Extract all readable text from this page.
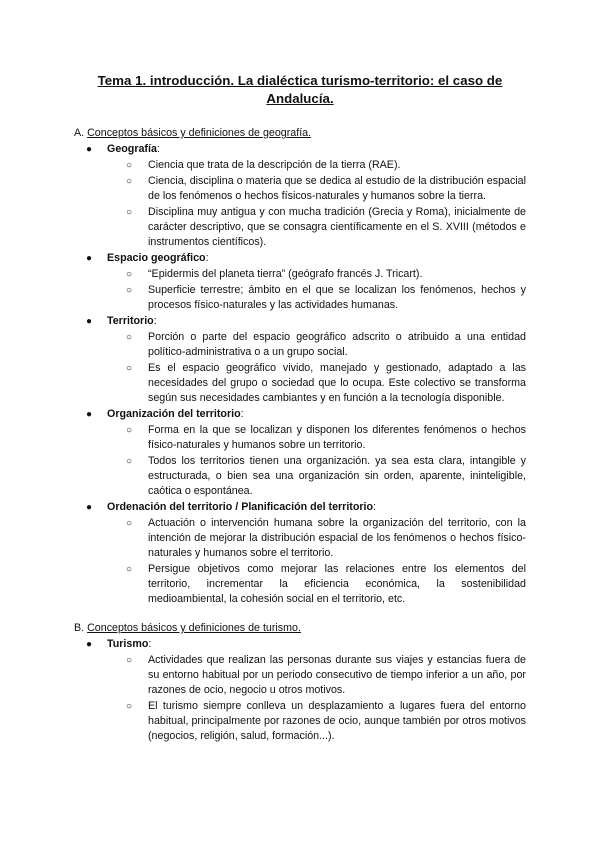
Tema 1. introducción. La dialéctica turismo-territorio: el caso de Andalucía.
A. Conceptos básicos y definiciones de geografía.
● Geografía:
○ Ciencia que trata de la descripción de la tierra (RAE).
○ Ciencia, disciplina o materia que se dedica al estudio de la distribución espacial de los fenómenos o hechos físicos-naturales y humanos sobre la tierra.
○ Disciplina muy antigua y con mucha tradición (Grecia y Roma), inicialmente de carácter descriptivo, que se consagra científicamente en el S. XVIII (métodos e instrumentos científicos).
● Espacio geográfico:
○ “Epidermis del planeta tierra” (geógrafo francés J. Tricart).
○ Superficie terrestre; ámbito en el que se localizan los fenómenos, hechos y procesos físico-naturales y las actividades humanas.
● Territorio:
○ Porción o parte del espacio geográfico adscrito o atribuido a una entidad político-administrativa o a un grupo social.
○ Es el espacio geográfico vivido, manejado y gestionado, adaptado a las necesidades del grupo o sociedad que lo ocupa. Este colectivo se transforma según sus necesidades cambiantes y en función a la tecnología disponible.
● Organización del territorio:
○ Forma en la que se localizan y disponen los diferentes fenómenos o hechos físico-naturales y humanos sobre un territorio.
○ Todos los territorios tienen una organización. ya sea esta clara, intangible y estructurada, o bien sea una organización sin orden, aparente, ininteligible, caótica o espontánea.
● Ordenación del territorio / Planificación del territorio:
○ Actuación o intervención humana sobre la organización del territorio, con la intención de mejorar la distribución espacial de los fenómenos o hechos físico-naturales y humanos sobre el territorio.
○ Persigue objetivos como mejorar las relaciones entre los elementos del territorio, incrementar la eficiencia económica, la sostenibilidad medioambiental, la cohesión social en el territorio, etc.
B. Conceptos básicos y definiciones de turismo.
● Turismo:
○ Actividades que realizan las personas durante sus viajes y estancias fuera de su entorno habitual por un periodo consecutivo de tiempo inferior a un año, por razones de ocio, negocio u otros motivos.
○ El turismo siempre conlleva un desplazamiento a lugares fuera del entorno habitual, principalmente por razones de ocio, aunque también por otros motivos (negocios, religión, salud, formación...).
